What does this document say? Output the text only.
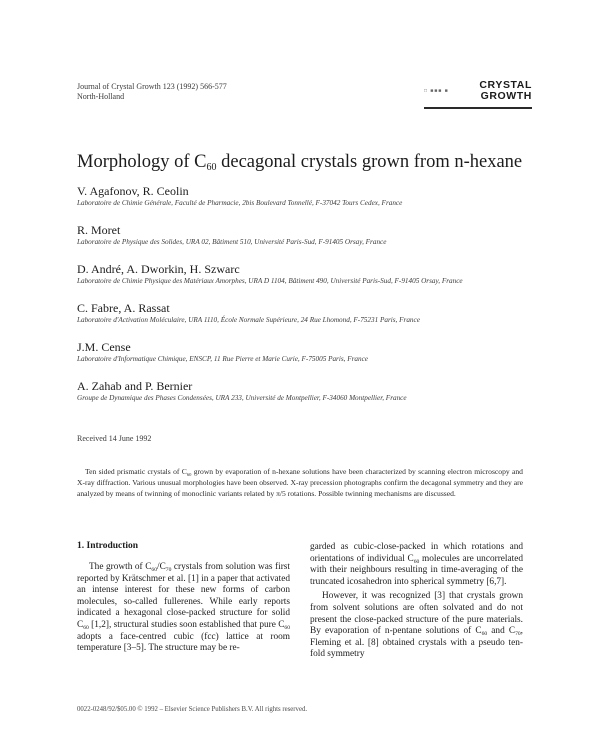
Journal of Crystal Growth 123 (1992) 566-577
North-Holland
□ ■■■ ■
CRYSTAL
GROWTH
Morphology of $C_{60}$ decagonal crystals grown from n-hexane
V. Agafonov, R. Ceolin
Laboratoire de Chimie Générale, Faculté de Pharmacie, 2bis Boulevard Tonnellé, F-37042 Tours Cedex, France
R. Moret
Laboratoire de Physique des Solides, URA 02, Bâtiment 510, Université Paris-Sud, F-91405 Orsay, France
D. André, A. Dworkin, H. Szwarc
Laboratoire de Chimie Physique des Matériaux Amorphes, URA D 1104, Bâtiment 490, Université Paris-Sud, F-91405 Orsay, France
C. Fabre, A. Rassat
Laboratoire d'Activation Moléculaire, URA 1110, École Normale Supérieure, 24 Rue Lhomond, F-75231 Paris, France
J.M. Cense
Laboratoire d'Informatique Chimique, ENSCP, 11 Rue Pierre et Marie Curie, F-75005 Paris, France
A. Zahab and P. Bernier
Groupe de Dynamique des Phases Condensées, URA 233, Université de Montpellier, F-34060 Montpellier, France
Received 14 June 1992
Ten sided prismatic crystals of $C_{60}$ grown by evaporation of n-hexane solutions have been characterized by scanning electron microscopy and X-ray diffraction. Various unusual morphologies have been observed. X-ray precession photographs confirm the decagonal symmetry and they are analyzed by means of twinning of monoclinic variants related by π/5 rotations. Possible twinning mechanisms are discussed.
1. Introduction

The growth of $C_{60}/C_{70}$ crystals from solution was first reported by Krätschmer et al. [1] in a paper that activated an intense interest for these new forms of carbon molecules, so-called fullerenes. While early reports indicated a hexagonal close-packed structure for solid $C_{60}$ [1,2], structural studies soon established that pure $C_{60}$ adopts a face-centred cubic (fcc) lattice at room temperature [3–5]. The structure may be re-

garded as cubic-close-packed in which rotations and orientations of individual $C_{60}$ molecules are uncorrelated with their neighbours resulting in time-averaging of the truncated icosahedron into spherical symmetry [6,7].

However, it was recognized [3] that crystals grown from solvent solutions are often solvated and do not present the close-packed structure of the pure materials. By evaporation of n-pentane solutions of $C_{60}$ and $C_{70}$, Fleming et al. [8] obtained crystals with a pseudo ten-fold symmetry

0022-0248/92/$05.00 © 1992 – Elsevier Science Publishers B.V. All rights reserved.
